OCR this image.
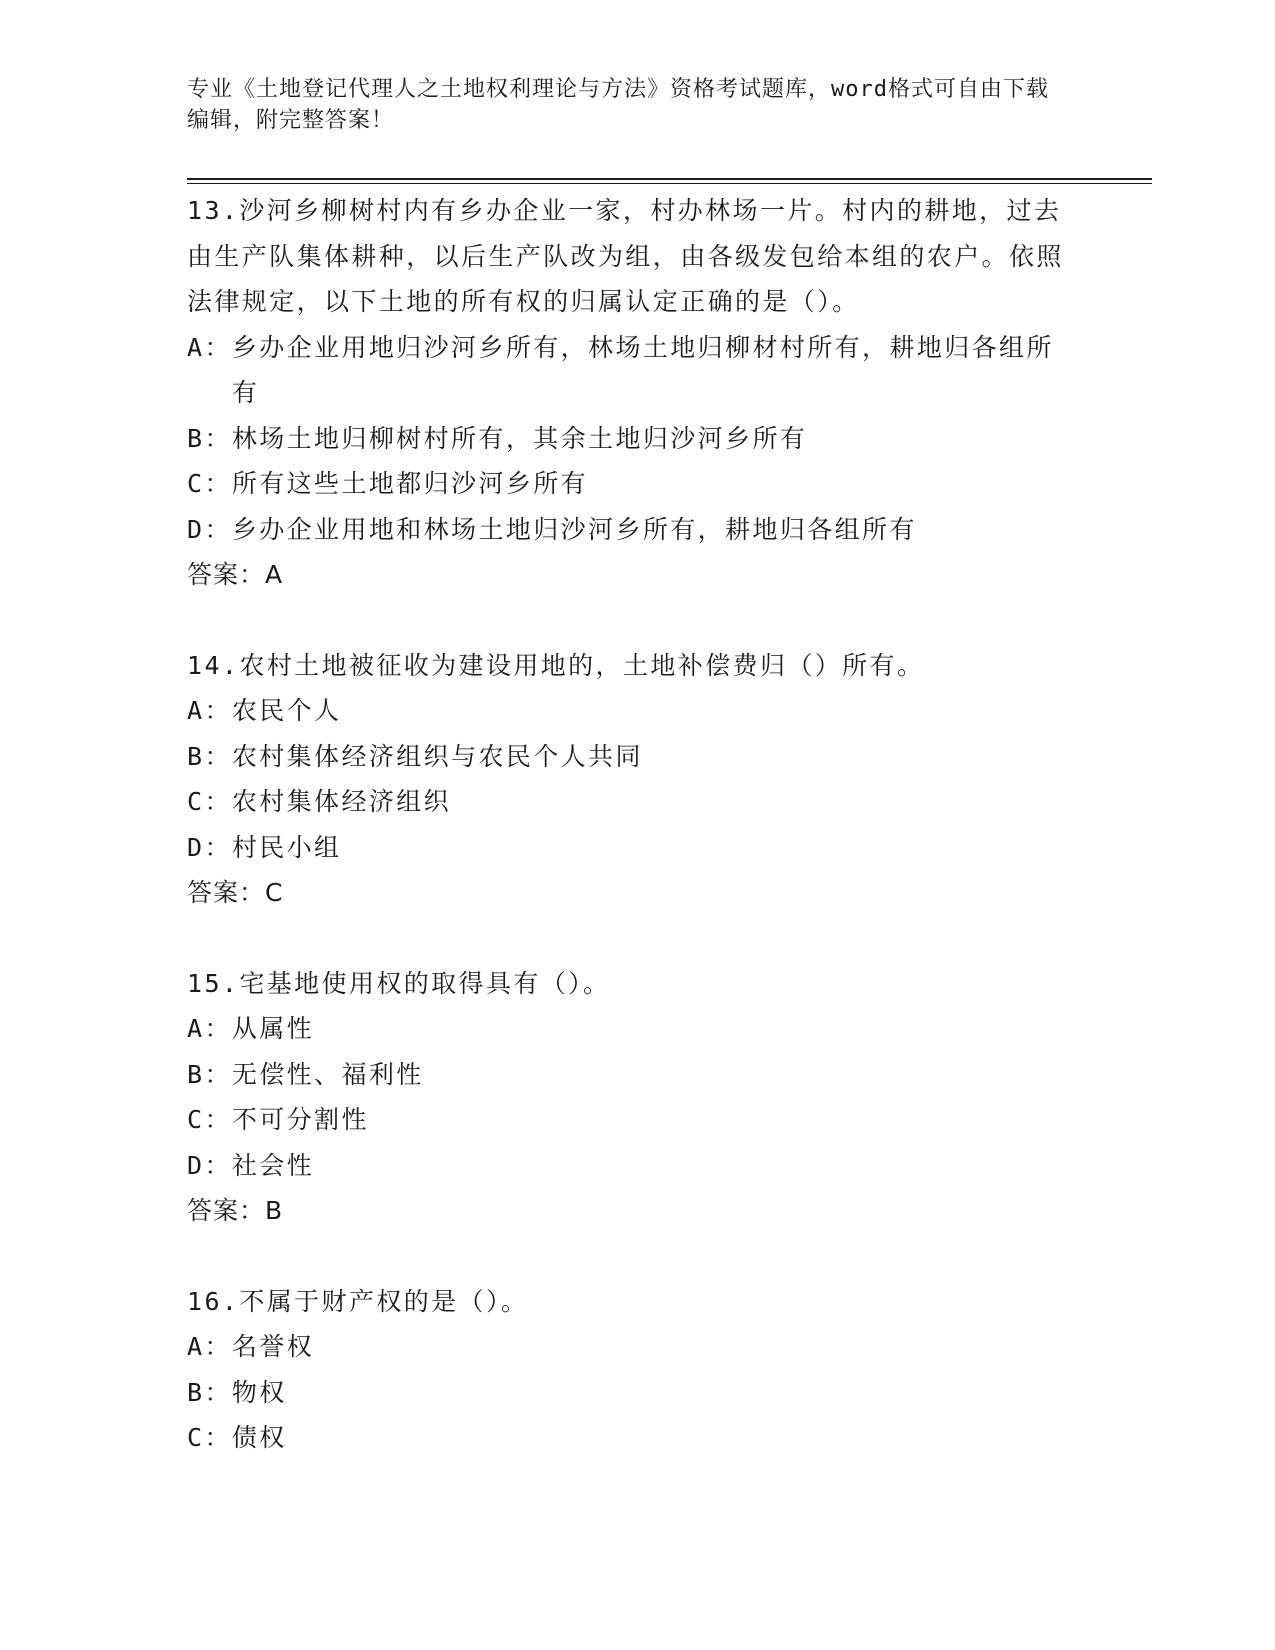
专业《土地登记代理人之土地权利理论与方法》资格考试题库，word格式可自由下载编辑，附完整答案！
13.沙河乡柳树村内有乡办企业一家，村办林场一片。村内的耕地，过去由生产队集体耕种，以后生产队改为组，由各级发包给本组的农户。依照法律规定，以下土地的所有权的归属认定正确的是（）。
A： 乡办企业用地归沙河乡所有，林场土地归柳材村所有，耕地归各组所有
B： 林场土地归柳树村所有，其余土地归沙河乡所有
C： 所有这些土地都归沙河乡所有
D： 乡办企业用地和林场土地归沙河乡所有，耕地归各组所有
答案：A
14.农村土地被征收为建设用地的，土地补偿费归（）所有。
A： 农民个人
B： 农村集体经济组织与农民个人共同
C： 农村集体经济组织
D： 村民小组
答案：C
15.宅基地使用权的取得具有（）。
A： 从属性
B： 无偿性、福利性
C： 不可分割性
D： 社会性
答案：B
16.不属于财产权的是（）。
A： 名誉权
B： 物权
C： 债权
